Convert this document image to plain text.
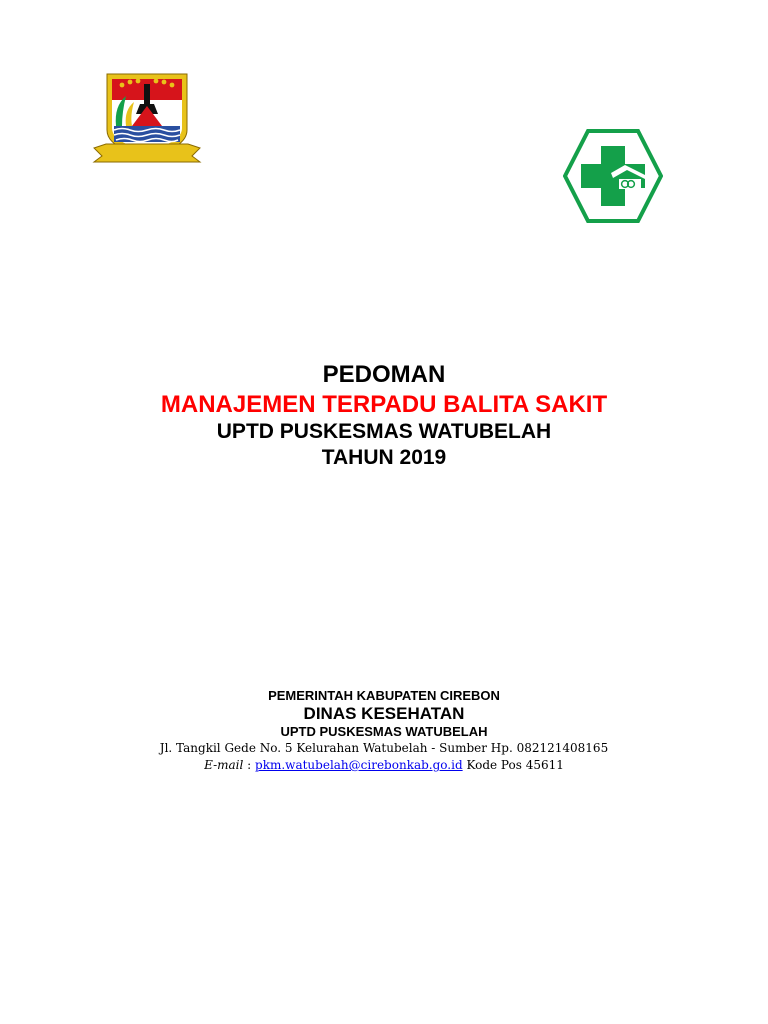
PEDOMAN
MANAJEMEN TERPADU BALITA SAKIT
UPTD PUSKESMAS WATUBELAH
TAHUN 2019
PEMERINTAH KABUPATEN CIREBON
DINAS KESEHATAN
UPTD PUSKESMAS WATUBELAH
Jl. Tangkil Gede No. 5 Kelurahan Watubelah - Sumber Hp. 082121408165
E-mail : pkm.watubelah@cirebonkab.go.id Kode Pos 45611
